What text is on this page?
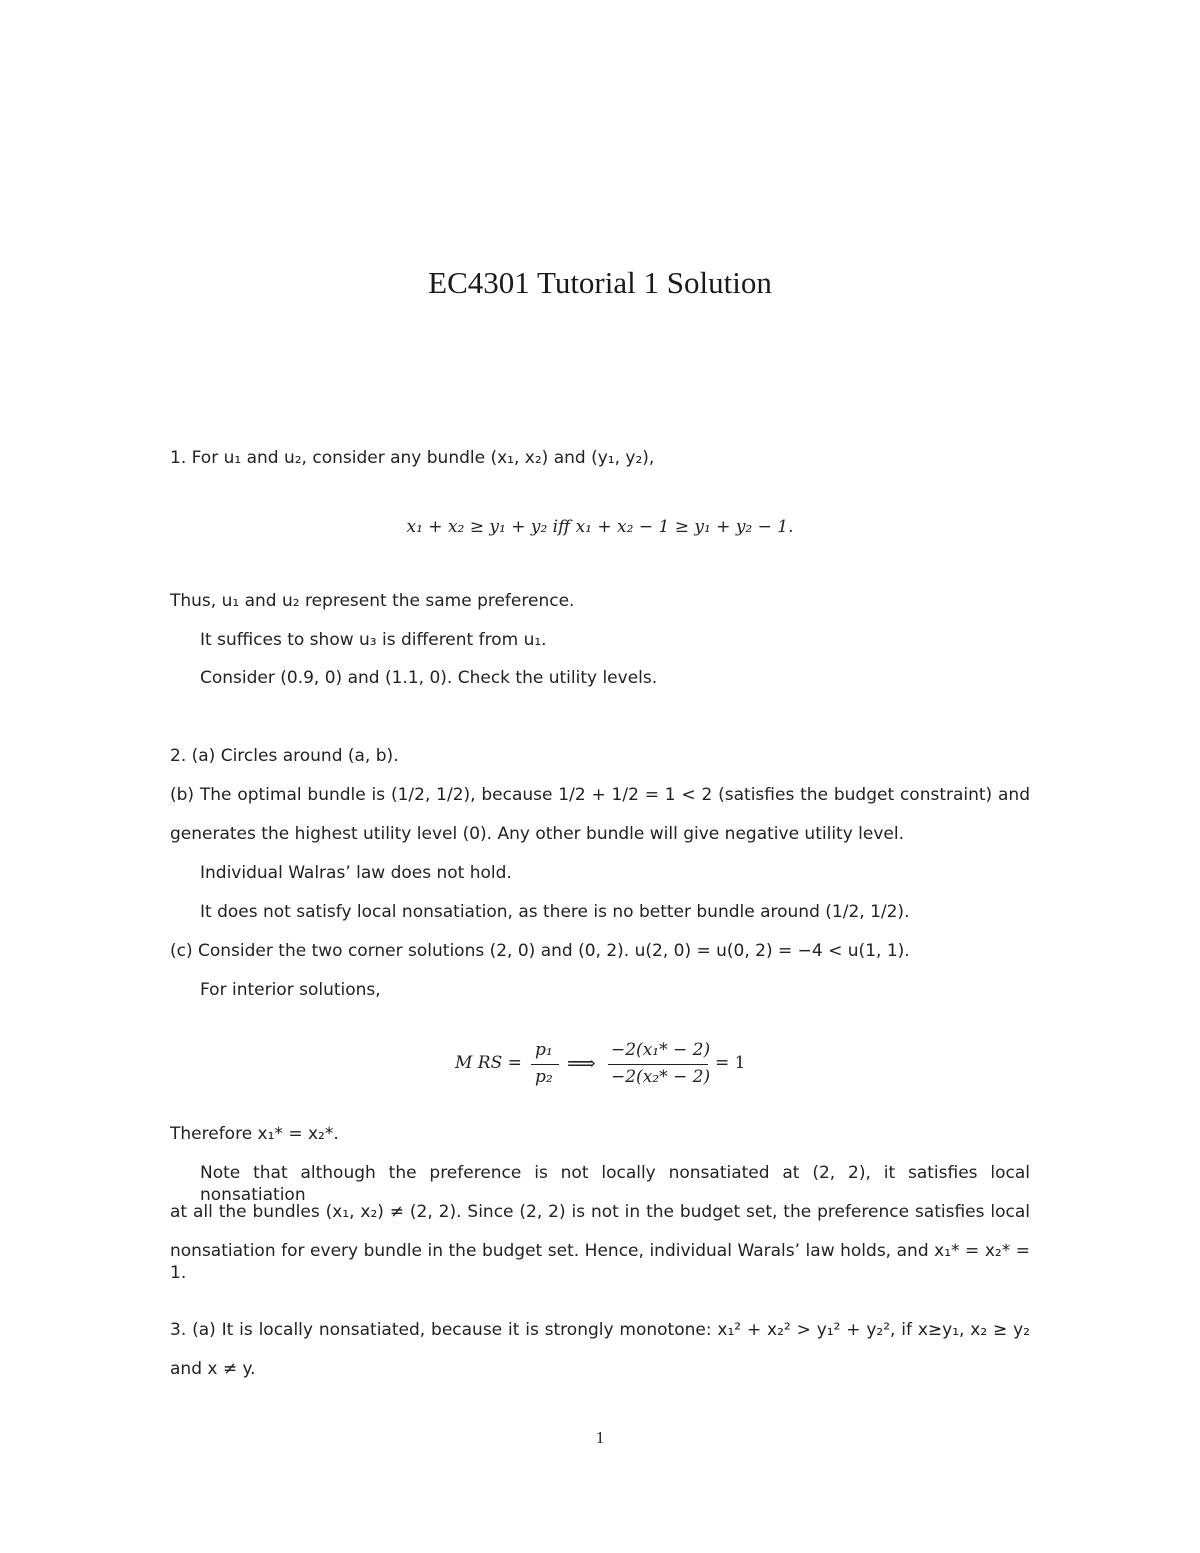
EC4301 Tutorial 1 Solution
1. For u₁ and u₂, consider any bundle (x₁, x₂) and (y₁, y₂),
x₁ + x₂ ≥ y₁ + y₂ iff x₁ + x₂ − 1 ≥ y₁ + y₂ − 1.
Thus, u₁ and u₂ represent the same preference.
It suffices to show u₃ is different from u₁.
Consider (0.9, 0) and (1.1, 0). Check the utility levels.
2. (a) Circles around (a, b).
(b) The optimal bundle is (1/2, 1/2), because 1/2 + 1/2 = 1 < 2 (satisfies the budget constraint) and
generates the highest utility level (0). Any other bundle will give negative utility level.
Individual Walras’ law does not hold.
It does not satisfy local nonsatiation, as there is no better bundle around (1/2, 1/2).
(c) Consider the two corner solutions (2, 0) and (0, 2). u(2, 0) = u(0, 2) = −4 < u(1, 1).
For interior solutions,
M RS =
p₁
p₂
⟹
−2(x₁* − 2)
−2(x₂* − 2)
= 1
Therefore x₁* = x₂*.
Note that although the preference is not locally nonsatiated at (2, 2), it satisfies local nonsatiation
at all the bundles (x₁, x₂) ≠ (2, 2). Since (2, 2) is not in the budget set, the preference satisfies local
nonsatiation for every bundle in the budget set. Hence, individual Warals’ law holds, and x₁* = x₂* = 1.
3. (a) It is locally nonsatiated, because it is strongly monotone: x₁² + x₂² > y₁² + y₂², if x≥y₁, x₂ ≥ y₂
and x ≠ y.
1
